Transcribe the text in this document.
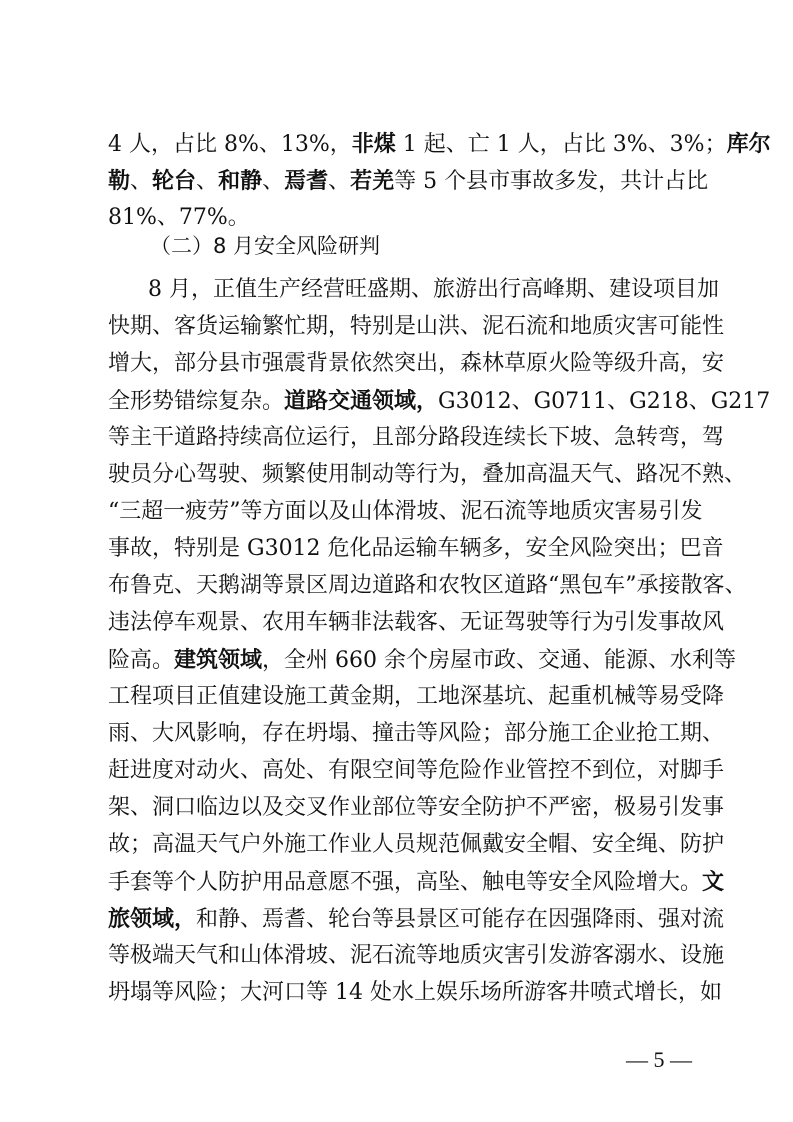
4 人，占比 8%、13%，非煤 1 起、亡 1 人，占比 3%、3%；库尔
勒、轮台、和静、焉耆、若羌等 5 个县市事故多发，共计占比
81%、77%。
8 月，正值生产经营旺盛期、旅游出行高峰期、建设项目加
快期、客货运输繁忙期，特别是山洪、泥石流和地质灾害可能性
增大，部分县市强震背景依然突出，森林草原火险等级升高，安
全形势错综复杂。道路交通领域，G3012、G0711、G218、G217
等主干道路持续高位运行，且部分路段连续长下坡、急转弯，驾
驶员分心驾驶、频繁使用制动等行为，叠加高温天气、路况不熟、
“三超一疲劳”等方面以及山体滑坡、泥石流等地质灾害易引发
事故，特别是 G3012 危化品运输车辆多，安全风险突出；巴音
布鲁克、天鹅湖等景区周边道路和农牧区道路“黑包车”承接散客、
违法停车观景、农用车辆非法载客、无证驾驶等行为引发事故风
险高。建筑领域，全州 660 余个房屋市政、交通、能源、水利等
工程项目正值建设施工黄金期，工地深基坑、起重机械等易受降
雨、大风影响，存在坍塌、撞击等风险；部分施工企业抢工期、
赶进度对动火、高处、有限空间等危险作业管控不到位，对脚手
架、洞口临边以及交叉作业部位等安全防护不严密，极易引发事
故；高温天气户外施工作业人员规范佩戴安全帽、安全绳、防护
手套等个人防护用品意愿不强，高坠、触电等安全风险增大。文
旅领域，和静、焉耆、轮台等县景区可能存在因强降雨、强对流
等极端天气和山体滑坡、泥石流等地质灾害引发游客溺水、设施
坍塌等风险；大河口等 14 处水上娱乐场所游客井喷式增长，如
（二）8 月安全风险研判
— 5 —
